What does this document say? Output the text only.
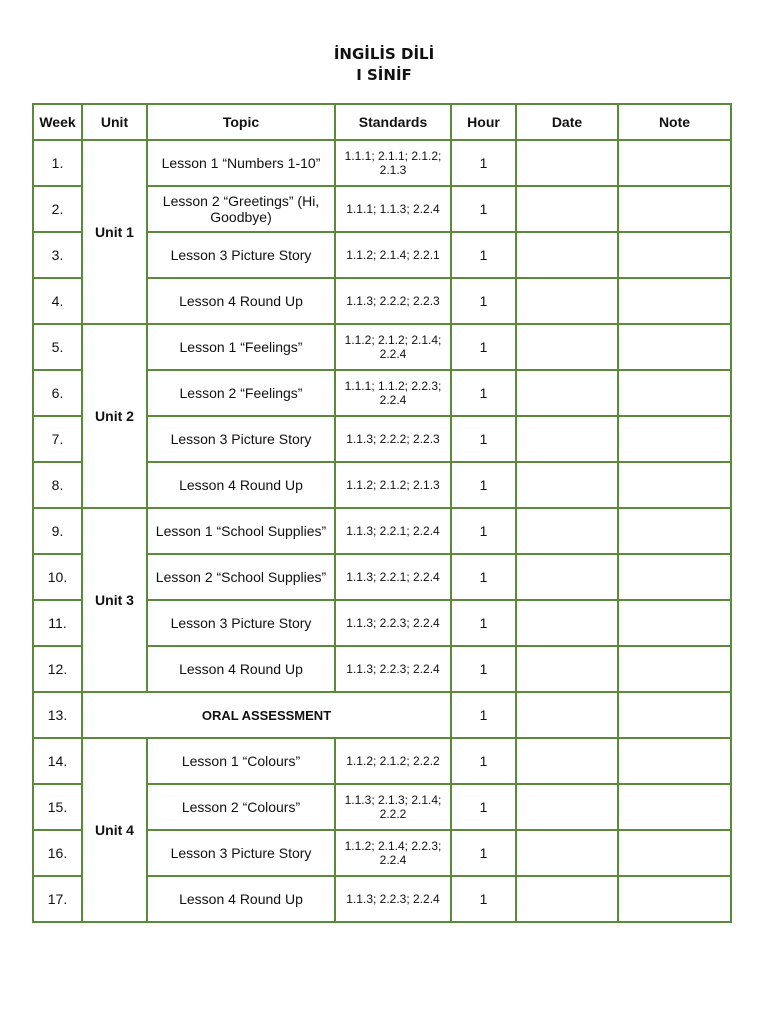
İNGİLİS DİLİ
I SİNİF
Week	Unit	Topic	Standards	Hour	Date	Note
1.	Unit 1	Lesson 1 “Numbers 1-10”	1.1.1; 2.1.1; 2.1.2; 2.1.3	1		
2.		Lesson 2 “Greetings” (Hi, Goodbye)	1.1.1; 1.1.3; 2.2.4	1		
3.		Lesson 3 Picture Story	1.1.2; 2.1.4; 2.2.1	1		
4.		Lesson 4 Round Up	1.1.3; 2.2.2; 2.2.3	1		
5.	Unit 2	Lesson 1 “Feelings”	1.1.2; 2.1.2; 2.1.4; 2.2.4	1		
6.		Lesson 2 “Feelings”	1.1.1; 1.1.2; 2.2.3; 2.2.4	1		
7.		Lesson 3 Picture Story	1.1.3; 2.2.2; 2.2.3	1		
8.		Lesson 4 Round Up	1.1.2; 2.1.2; 2.1.3	1		
9.	Unit 3	Lesson 1 “School Supplies”	1.1.3; 2.2.1; 2.2.4	1		
10.		Lesson 2 “School Supplies”	1.1.3; 2.2.1; 2.2.4	1		
11.		Lesson 3 Picture Story	1.1.3; 2.2.3; 2.2.4	1		
12.		Lesson 4 Round Up	1.1.3; 2.2.3; 2.2.4	1		
13.	ORAL ASSESSMENT			1		
14.	Unit 4	Lesson 1 “Colours”	1.1.2; 2.1.2; 2.2.2	1		
15.		Lesson 2 “Colours”	1.1.3; 2.1.3; 2.1.4; 2.2.2	1		
16.		Lesson 3 Picture Story	1.1.2; 2.1.4; 2.2.3; 2.2.4	1		
17.		Lesson 4 Round Up	1.1.3; 2.2.3; 2.2.4	1		
